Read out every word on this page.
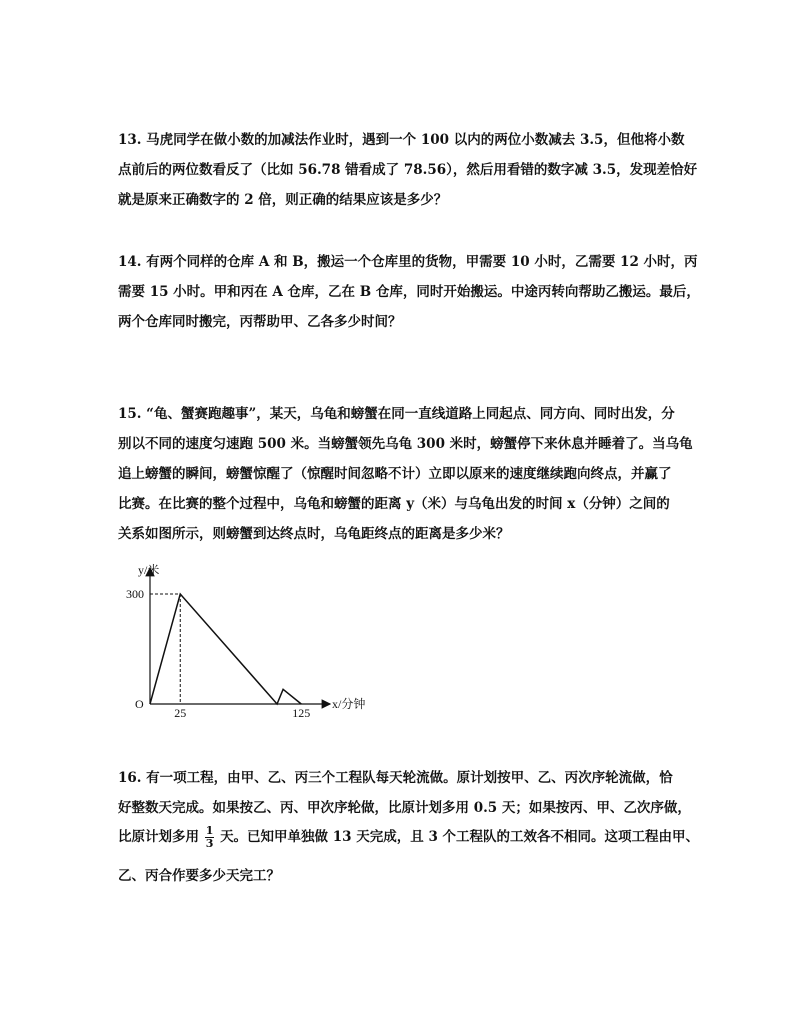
13. 马虎同学在做小数的加减法作业时，遇到一个 100 以内的两位小数减去 3.5，但他将小数
点前后的两位数看反了（比如 56.78 错看成了 78.56），然后用看错的数字减 3.5，发现差恰好
就是原来正确数字的 2 倍，则正确的结果应该是多少？
14. 有两个同样的仓库 A 和 B，搬运一个仓库里的货物，甲需要 10 小时，乙需要 12 小时，丙
需要 15 小时。甲和丙在 A 仓库，乙在 B 仓库，同时开始搬运。中途丙转向帮助乙搬运。最后，
两个仓库同时搬完，丙帮助甲、乙各多少时间？
15. “龟、蟹赛跑趣事”，某天，乌龟和螃蟹在同一直线道路上同起点、同方向、同时出发，分
别以不同的速度匀速跑 500 米。当螃蟹领先乌龟 300 米时，螃蟹停下来休息并睡着了。当乌龟
追上螃蟹的瞬间，螃蟹惊醒了（惊醒时间忽略不计）立即以原来的速度继续跑向终点，并赢了
比赛。在比赛的整个过程中，乌龟和螃蟹的距离 y（米）与乌龟出发的时间 x（分钟）之间的
关系如图所示，则螃蟹到达终点时，乌龟距终点的距离是多少米？
y/米
x/分钟
O
300
25	125
16. 有一项工程，由甲、乙、丙三个工程队每天轮流做。原计划按甲、乙、丙次序轮流做，恰
好整数天完成。如果按乙、丙、甲次序轮做，比原计划多用 0.5 天；如果按丙、甲、乙次序做，
比原计划多用 $\frac{1}{3}$ 天。已知甲单独做 13 天完成，且 3 个工程队的工效各不相同。这项工程由甲、
乙、丙合作要多少天完工？
